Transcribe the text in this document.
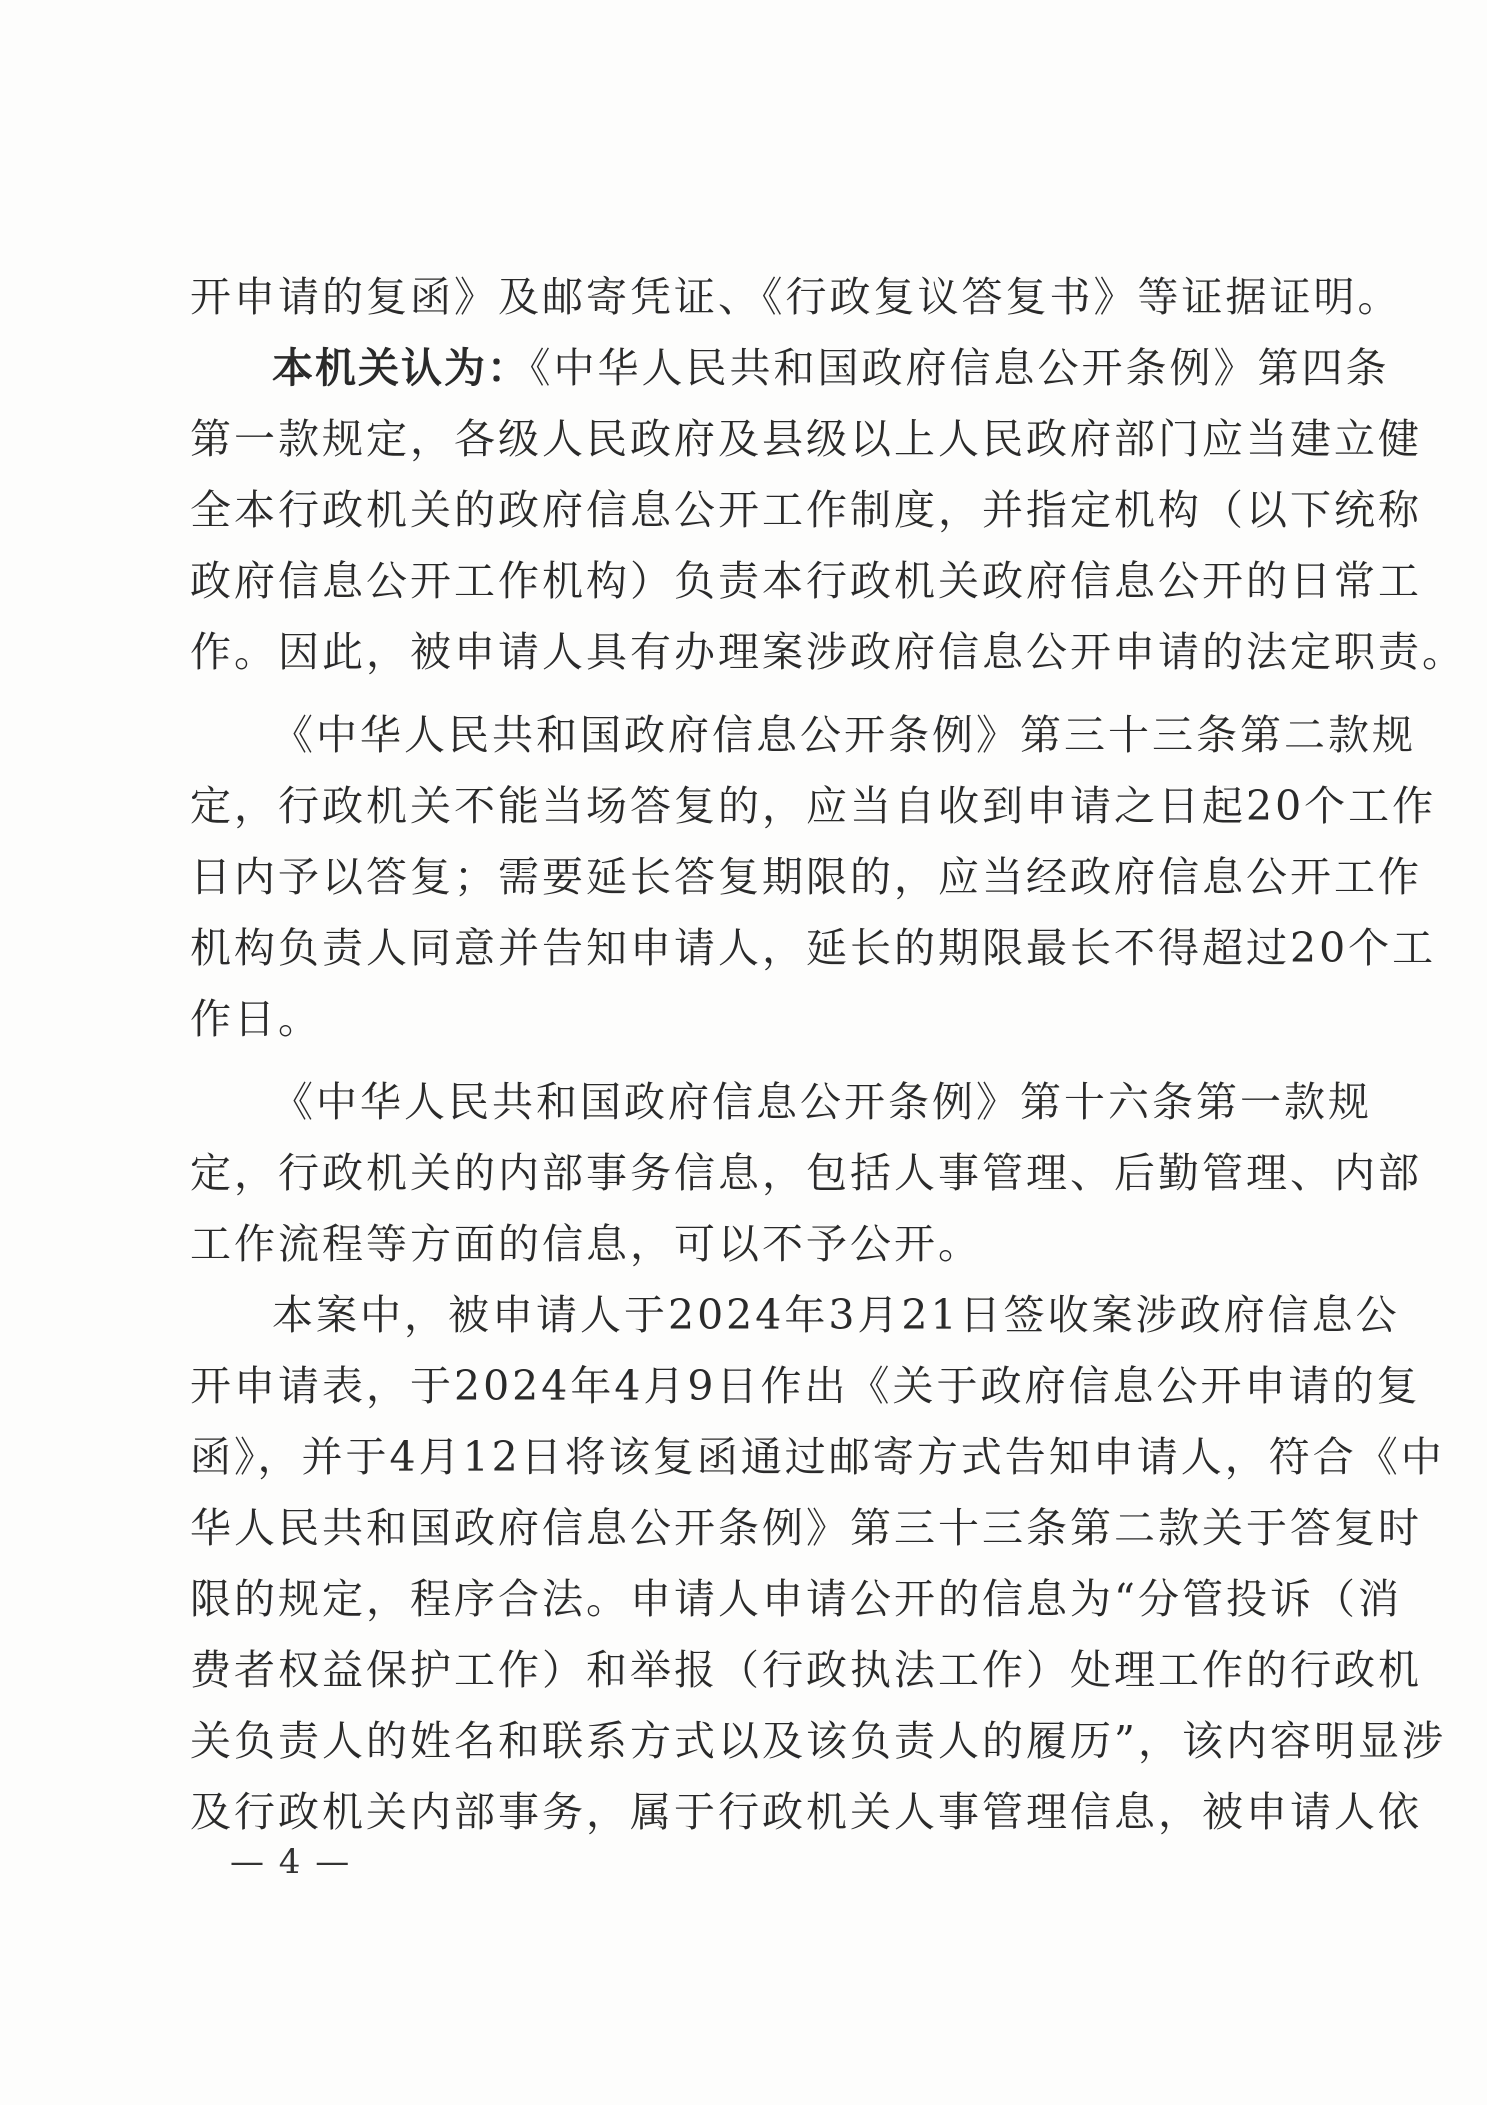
开申请的复函》及邮寄凭证、《行政复议答复书》等证据证明。
本机关认为：《中华人民共和国政府信息公开条例》第四条
第一款规定，各级人民政府及县级以上人民政府部门应当建立健
全本行政机关的政府信息公开工作制度，并指定机构（以下统称
政府信息公开工作机构）负责本行政机关政府信息公开的日常工
作。因此，被申请人具有办理案涉政府信息公开申请的法定职责。
《中华人民共和国政府信息公开条例》第三十三条第二款规
定，行政机关不能当场答复的，应当自收到申请之日起20个工作
日内予以答复；需要延长答复期限的，应当经政府信息公开工作
机构负责人同意并告知申请人，延长的期限最长不得超过20个工
作日。
《中华人民共和国政府信息公开条例》第十六条第一款规
定，行政机关的内部事务信息，包括人事管理、后勤管理、内部
工作流程等方面的信息，可以不予公开。
本案中，被申请人于2024年3月21日签收案涉政府信息公
开申请表，于2024年4月9日作出《关于政府信息公开申请的复
函》，并于4月12日将该复函通过邮寄方式告知申请人，符合《中
华人民共和国政府信息公开条例》第三十三条第二款关于答复时
限的规定，程序合法。申请人申请公开的信息为“分管投诉（消
费者权益保护工作）和举报（行政执法工作）处理工作的行政机
关负责人的姓名和联系方式以及该负责人的履历”，该内容明显涉
及行政机关内部事务，属于行政机关人事管理信息，被申请人依
— 4 —
